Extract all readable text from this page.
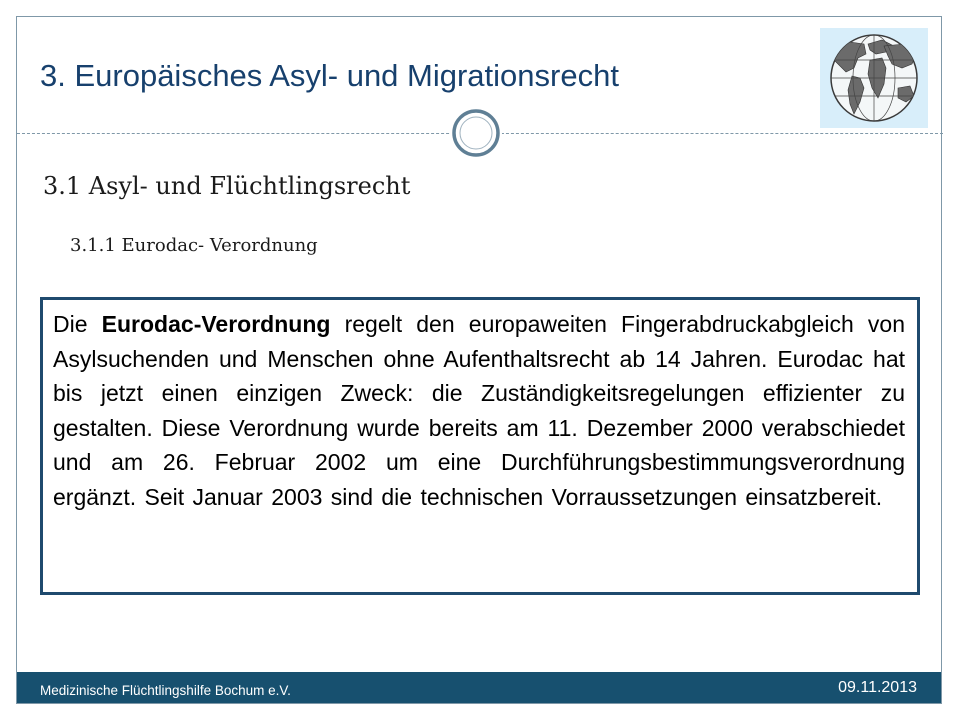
3. Europäisches Asyl- und Migrationsrecht
3.1 Asyl- und Flüchtlingsrecht
3.1.1 Eurodac- Verordnung

Die Eurodac-Verordnung regelt den europaweiten Fingerabdruckabgleich von Asylsuchenden und Menschen ohne Aufenthaltsrecht ab 14 Jahren. Eurodac hat bis jetzt einen einzigen Zweck: die Zuständigkeitsregelungen effizienter zu gestalten. Diese Verordnung wurde bereits am 11. Dezember 2000 verabschiedet und am 26. Februar 2002 um eine Durchführungsbestimmungsverordnung ergänzt. Seit Januar 2003 sind die technischen Vorraussetzungen einsatzbereit.

Medizinische Flüchtlingshilfe Bochum e.V.	09.11.2013
